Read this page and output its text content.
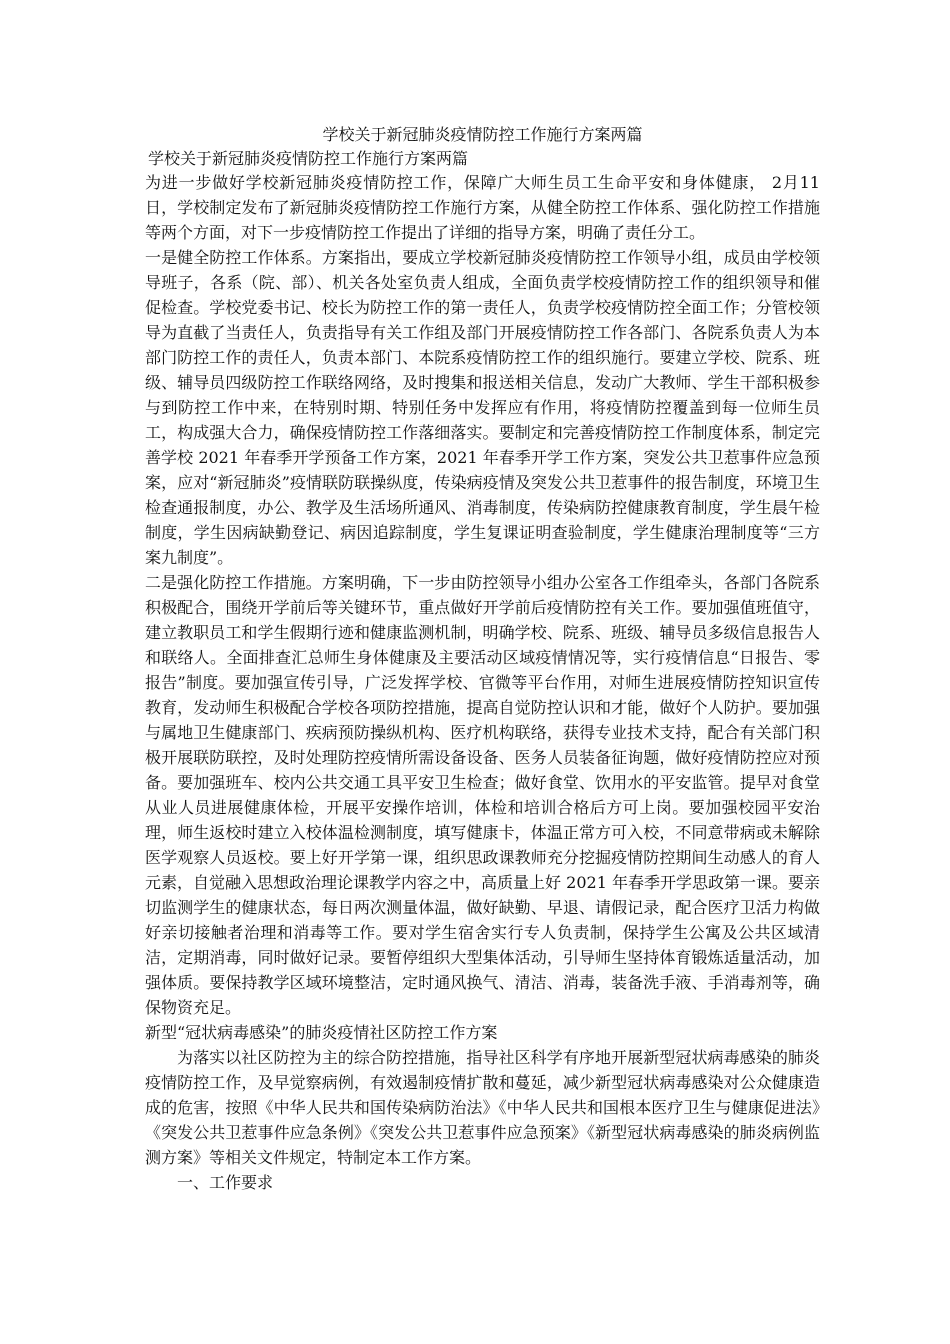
学校关于新冠肺炎疫情防控工作施行方案两篇

学校关于新冠肺炎疫情防控工作施行方案两篇

为进一步做好学校新冠肺炎疫情防控工作，保障广大师生员工生命平安和身体健康， 2月11日，学校制定发布了新冠肺炎疫情防控工作施行方案，从健全防控工作体系、强化防控工作措施等两个方面，对下一步疫情防控工作提出了详细的指导方案，明确了责任分工。

一是健全防控工作体系。方案指出，要成立学校新冠肺炎疫情防控工作领导小组，成员由学校领导班子，各系（院、部）、机关各处室负责人组成，全面负责学校疫情防控工作的组织领导和催促检查。学校党委书记、校长为防控工作的第一责任人，负责学校疫情防控全面工作；分管校领导为直截了当责任人，负责指导有关工作组及部门开展疫情防控工作各部门、各院系负责人为本部门防控工作的责任人，负责本部门、本院系疫情防控工作的组织施行。要建立学校、院系、班级、辅导员四级防控工作联络网络，及时搜集和报送相关信息，发动广大教师、学生干部积极参与到防控工作中来，在特别时期、特别任务中发挥应有作用，将疫情防控覆盖到每一位师生员工，构成强大合力，确保疫情防控工作落细落实。要制定和完善疫情防控工作制度体系，制定完善学校 2021 年春季开学预备工作方案，2021 年春季开学工作方案，突发公共卫惹事件应急预案，应对“新冠肺炎”疫情联防联操纵度，传染病疫情及突发公共卫惹事件的报告制度，环境卫生检查通报制度，办公、教学及生活场所通风、消毒制度，传染病防控健康教育制度，学生晨午检制度，学生因病缺勤登记、病因追踪制度，学生复课证明查验制度，学生健康治理制度等“三方案九制度”。

二是强化防控工作措施。方案明确，下一步由防控领导小组办公室各工作组牵头，各部门各院系积极配合，围绕开学前后等关键环节，重点做好开学前后疫情防控有关工作。要加强值班值守，建立教职员工和学生假期行迹和健康监测机制，明确学校、院系、班级、辅导员多级信息报告人和联络人。全面排查汇总师生身体健康及主要活动区域疫情情况等，实行疫情信息“日报告、零报告”制度。要加强宣传引导，广泛发挥学校、官微等平台作用，对师生进展疫情防控知识宣传教育，发动师生积极配合学校各项防控措施，提高自觉防控认识和才能，做好个人防护。要加强与属地卫生健康部门、疾病预防操纵机构、医疗机构联络，获得专业技术支持，配合有关部门积极开展联防联控，及时处理防控疫情所需设备设备、医务人员装备征询题，做好疫情防控应对预备。要加强班车、校内公共交通工具平安卫生检查；做好食堂、饮用水的平安监管。提早对食堂从业人员进展健康体检，开展平安操作培训，体检和培训合格后方可上岗。要加强校园平安治理，师生返校时建立入校体温检测制度，填写健康卡，体温正常方可入校，不同意带病或未解除医学观察人员返校。要上好开学第一课，组织思政课教师充分挖掘疫情防控期间生动感人的育人元素，自觉融入思想政治理论课教学内容之中，高质量上好 2021 年春季开学思政第一课。要亲切监测学生的健康状态，每日两次测量体温，做好缺勤、早退、请假记录，配合医疗卫活力构做好亲切接触者治理和消毒等工作。要对学生宿舍实行专人负责制，保持学生公寓及公共区域清洁，定期消毒，同时做好记录。要暂停组织大型集体活动，引导师生坚持体育锻炼适量活动，加强体质。要保持教学区域环境整洁，定时通风换气、清洁、消毒，装备洗手液、手消毒剂等，确保物资充足。

新型“冠状病毒感染”的肺炎疫情社区防控工作方案

为落实以社区防控为主的综合防控措施，指导社区科学有序地开展新型冠状病毒感染的肺炎疫情防控工作，及早觉察病例，有效遏制疫情扩散和蔓延，减少新型冠状病毒感染对公众健康造成的危害，按照《中华人民共和国传染病防治法》《中华人民共和国根本医疗卫生与健康促进法》《突发公共卫惹事件应急条例》《突发公共卫惹事件应急预案》《新型冠状病毒感染的肺炎病例监测方案》等相关文件规定，特制定本工作方案。

一、工作要求
